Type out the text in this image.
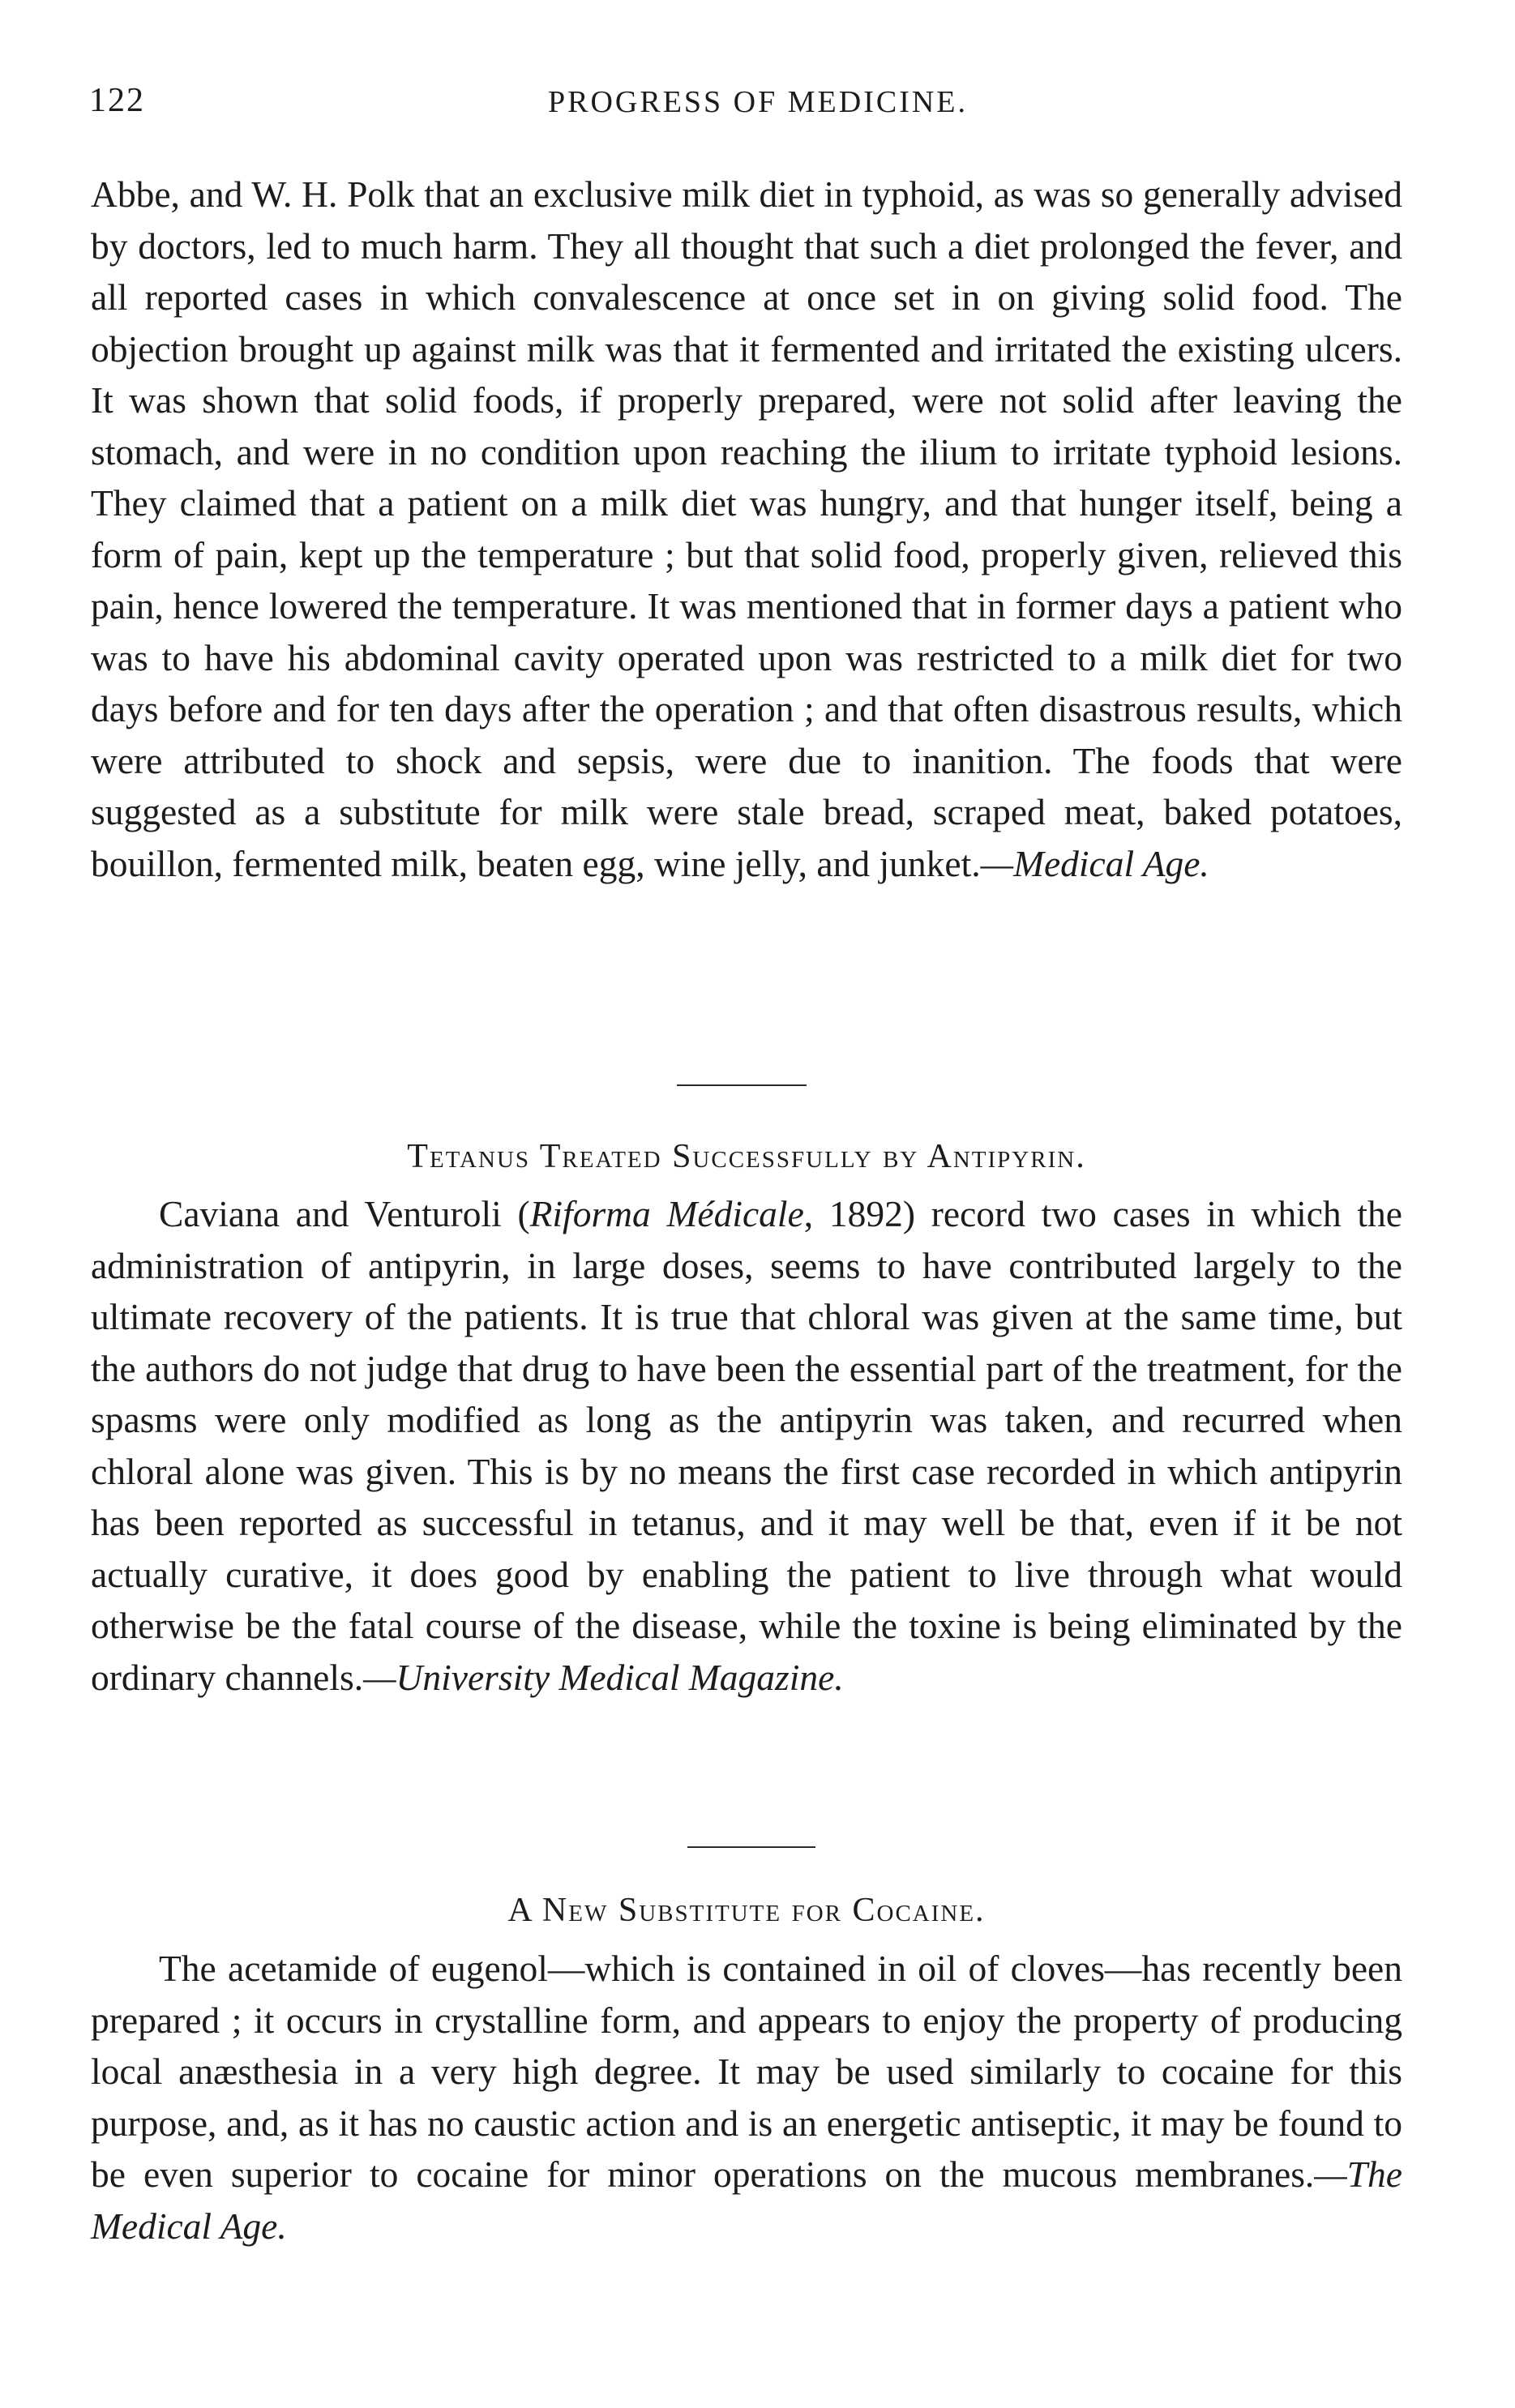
122	PROGRESS OF MEDICINE.

Abbe, and W. H. Polk that an exclusive milk diet in typhoid, as was so generally advised by doctors, led to much harm. They all thought that such a diet prolonged the fever, and all reported cases in which convalescence at once set in on giving solid food. The objection brought up against milk was that it fermented and irritated the existing ulcers. It was shown that solid foods, if properly prepared, were not solid after leaving the stomach, and were in no condition upon reaching the ilium to irritate typhoid lesions. They claimed that a patient on a milk diet was hungry, and that hunger itself, being a form of pain, kept up the temperature ; but that solid food, properly given, relieved this pain, hence lowered the temperature. It was mentioned that in former days a patient who was to have his abdominal cavity operated upon was restricted to a milk diet for two days before and for ten days after the operation ; and that often disastrous results, which were attributed to shock and sepsis, were due to inanition. The foods that were suggested as a substitute for milk were stale bread, scraped meat, baked potatoes, bouillon, fermented milk, beaten egg, wine jelly, and junket.—Medical Age.

Tetanus Treated Successfully by Antipyrin.

Caviana and Venturoli (Riforma Médicale, 1892) record two cases in which the administration of antipyrin, in large doses, seems to have contributed largely to the ultimate recovery of the patients. It is true that chloral was given at the same time, but the authors do not judge that drug to have been the essential part of the treatment, for the spasms were only modified as long as the antipyrin was taken, and recurred when chloral alone was given. This is by no means the first case recorded in which antipyrin has been reported as successful in tetanus, and it may well be that, even if it be not actually curative, it does good by enabling the patient to live through what would otherwise be the fatal course of the disease, while the toxine is being eliminated by the ordinary channels.—University Medical Magazine.

A New Substitute for Cocaine.

The acetamide of eugenol—which is contained in oil of cloves—has recently been prepared ; it occurs in crystalline form, and appears to enjoy the property of producing local anæsthesia in a very high degree. It may be used similarly to cocaine for this purpose, and, as it has no caustic action and is an energetic antiseptic, it may be found to be even superior to cocaine for minor operations on the mucous membranes.—The Medical Age.
